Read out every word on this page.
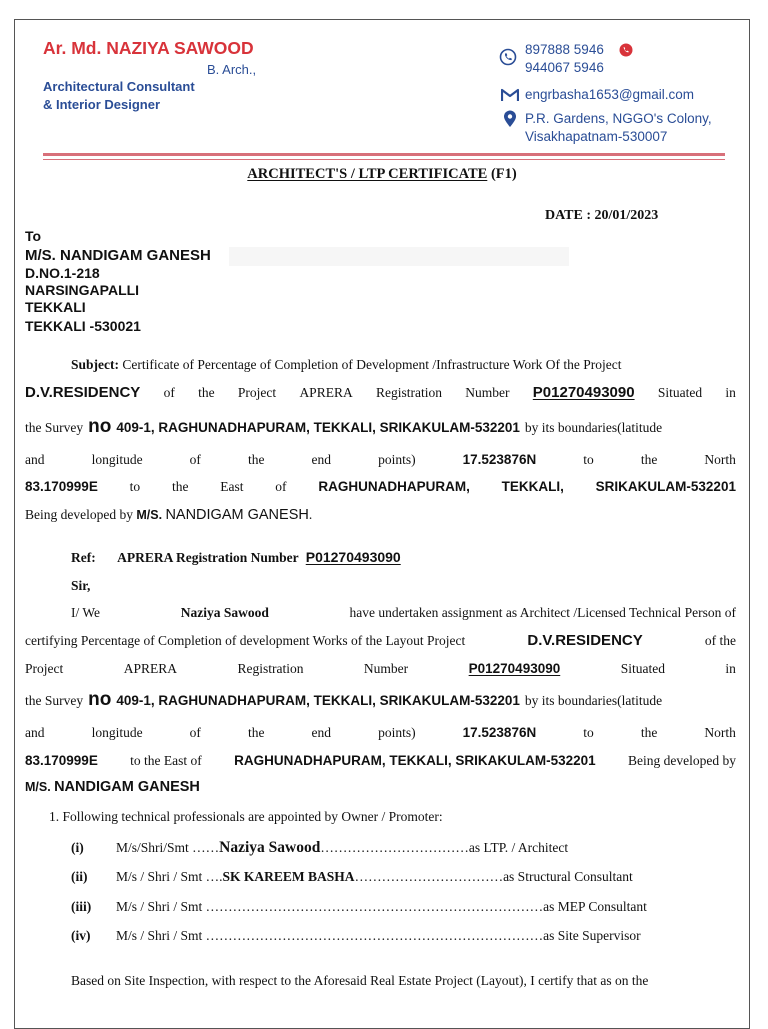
Ar. Md. NAZIYA SAWOOD
B. Arch.,
Architectural Consultant
& Interior Designer
897888 5946
944067 5946
engrbasha1653@gmail.com
P.R. Gardens, NGGO's Colony,
Visakhapatnam-530007
ARCHITECT'S / LTP CERTIFICATE (F1)
DATE : 20/01/2023
To
M/S. NANDIGAM GANESH
D.NO.1-218
NARSINGAPALLI
TEKKALI
TEKKALI -530021
Subject: Certificate of Percentage of Completion of Development /Infrastructure Work Of the Project
D.V.RESIDENCY of the Project APRERA Registration Number P01270493090 Situated in
the Survey no 409-1, RAGHUNADHAPURAM, TEKKALI, SRIKAKULAM-532201 by its boundaries(latitude
and	longitude	of	the	end	points)	17.523876N	to	the	North
83.170999E to the East of RAGHUNADHAPURAM, TEKKALI, SRIKAKULAM-532201
Being developed by M/S. NANDIGAM GANESH.
Ref: APRERA Registration Number P01270493090
Sir,
I/ We	Naziya Sawood	have undertaken assignment as Architect /Licensed Technical Person of
certifying Percentage of Completion of development Works of the Layout Project	D.V.RESIDENCY	of the
Project	APRERA	Registration	Number	P01270493090	Situated	in
the Survey no 409-1, RAGHUNADHAPURAM, TEKKALI, SRIKAKULAM-532201 by its boundaries(latitude
and	longitude	of	the	end	points)	17.523876N	to	the	North
83.170999E to the East of RAGHUNADHAPURAM, TEKKALI, SRIKAKULAM-532201 Being developed by
M/S. NANDIGAM GANESH
1. Following technical professionals are appointed by Owner / Promoter:
(i) M/s/Shri/Smt ……Naziya Sawood……………………………as LTP. / Architect
(ii) M/s / Shri / Smt ….SK KAREEM BASHA……………………………as Structural Consultant
(iii) M/s / Shri / Smt …………………………………………………………………as MEP Consultant
(iv) M/s / Shri / Smt …………………………………………………………………as Site Supervisor
Based on Site Inspection, with respect to the Aforesaid Real Estate Project (Layout), I certify that as on the
